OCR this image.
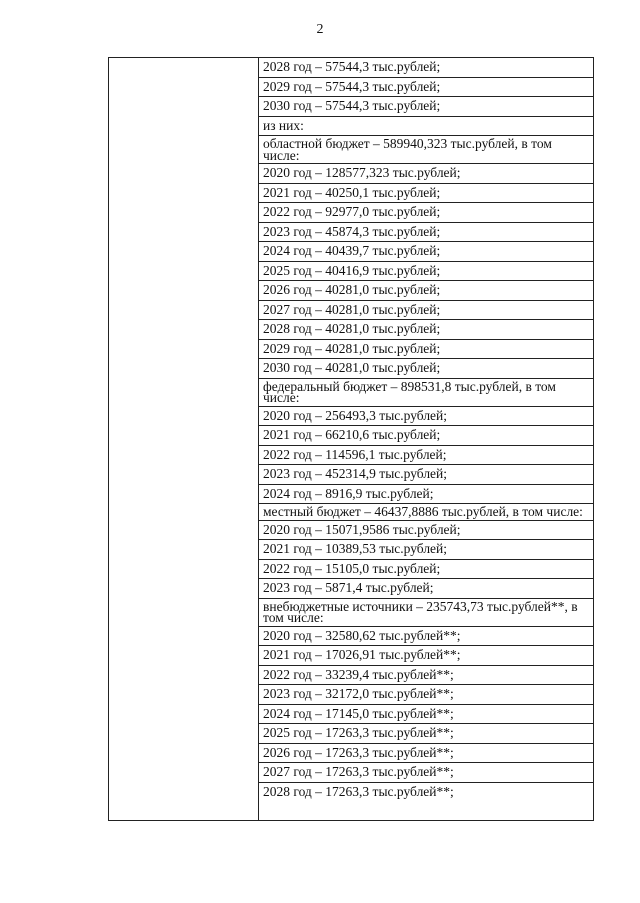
2
2028 год – 57544,3 тыс.рублей;
2029 год – 57544,3 тыс.рублей;
2030 год – 57544,3 тыс.рублей;
из них:
областной бюджет – 589940,323 тыс.рублей, в том числе:
2020 год – 128577,323 тыс.рублей;
2021 год – 40250,1 тыс.рублей;
2022 год – 92977,0 тыс.рублей;
2023 год – 45874,3 тыс.рублей;
2024 год – 40439,7 тыс.рублей;
2025 год – 40416,9 тыс.рублей;
2026 год – 40281,0 тыс.рублей;
2027 год – 40281,0 тыс.рублей;
2028 год – 40281,0 тыс.рублей;
2029 год – 40281,0 тыс.рублей;
2030 год – 40281,0 тыс.рублей;
федеральный бюджет – 898531,8 тыс.рублей, в том числе:
2020 год – 256493,3 тыс.рублей;
2021 год – 66210,6 тыс.рублей;
2022 год – 114596,1 тыс.рублей;
2023 год – 452314,9 тыс.рублей;
2024 год – 8916,9 тыс.рублей;
местный бюджет – 46437,8886 тыс.рублей, в том числе:
2020 год – 15071,9586 тыс.рублей;
2021 год – 10389,53 тыс.рублей;
2022 год – 15105,0 тыс.рублей;
2023 год – 5871,4 тыс.рублей;
внебюджетные источники – 235743,73 тыс.рублей**, в том числе:
2020 год – 32580,62 тыс.рублей**;
2021 год – 17026,91 тыс.рублей**;
2022 год – 33239,4 тыс.рублей**;
2023 год – 32172,0 тыс.рублей**;
2024 год – 17145,0 тыс.рублей**;
2025 год – 17263,3 тыс.рублей**;
2026 год – 17263,3 тыс.рублей**;
2027 год – 17263,3 тыс.рублей**;
2028 год – 17263,3 тыс.рублей**;
